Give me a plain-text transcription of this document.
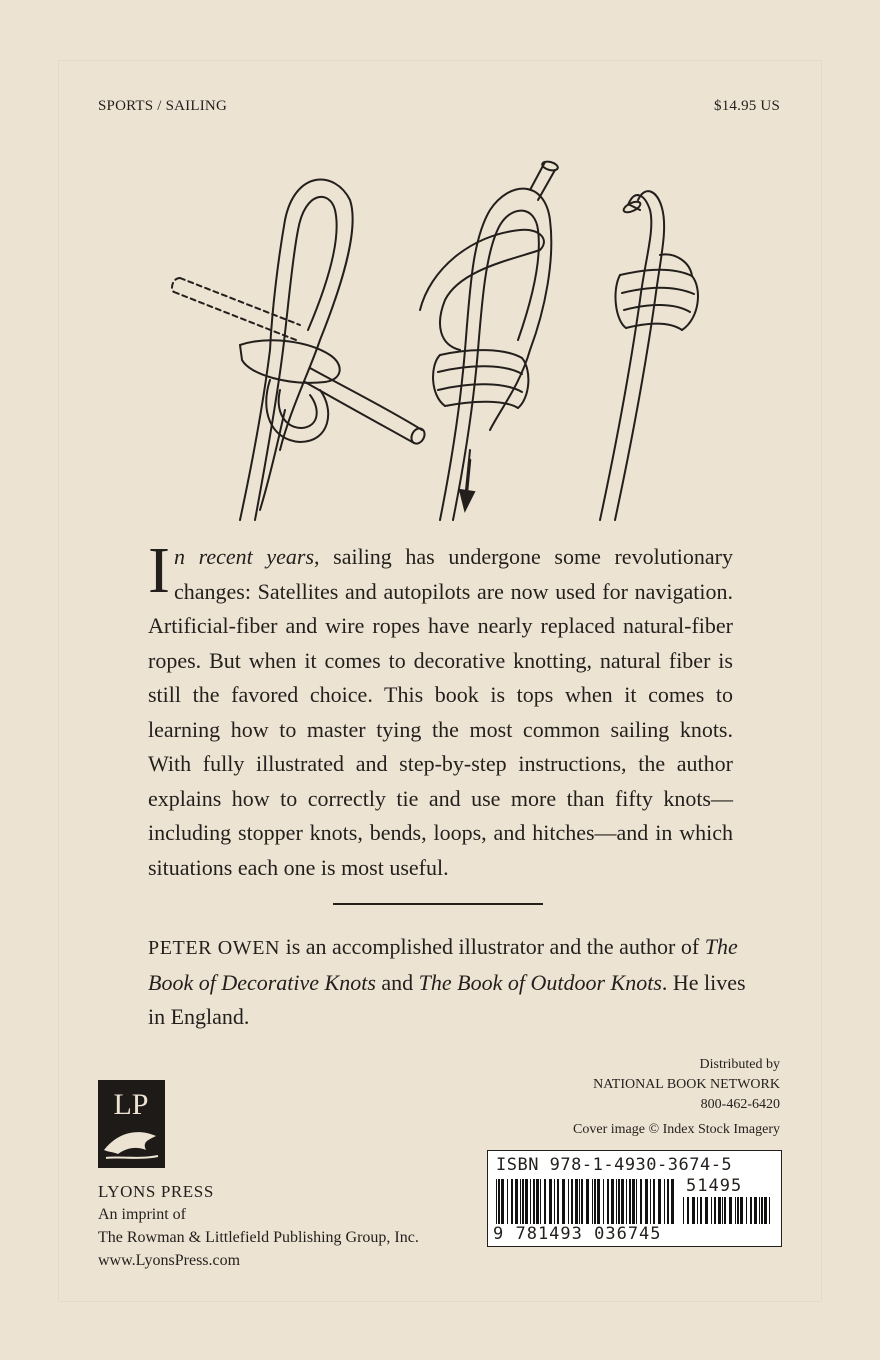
SPORTS / SAILING	$14.95 US
In recent years, sailing has undergone some revolutionary changes: Satellites and autopilots are now used for navigation. Artificial-fiber and wire ropes have nearly replaced natural-fiber ropes. But when it comes to decorative knotting, natural fiber is still the favored choice. This book is tops when it comes to learning how to master tying the most common sailing knots. With fully illustrated and step-by-step instructions, the author explains how to correctly tie and use more than fifty knots—including stopper knots, bends, loops, and hitches—and in which situations each one is most useful.
PETER OWEN is an accomplished illustrator and the author of The Book of Decorative Knots and The Book of Outdoor Knots. He lives in England.
Distributed by
NATIONAL BOOK NETWORK
800-462-6420
Cover image © Index Stock Imagery
ISBN 978-1-4930-3674-5
51495
9 781493 036745
LP
LYONS PRESS
An imprint of
The Rowman & Littlefield Publishing Group, Inc.
www.LyonsPress.com
